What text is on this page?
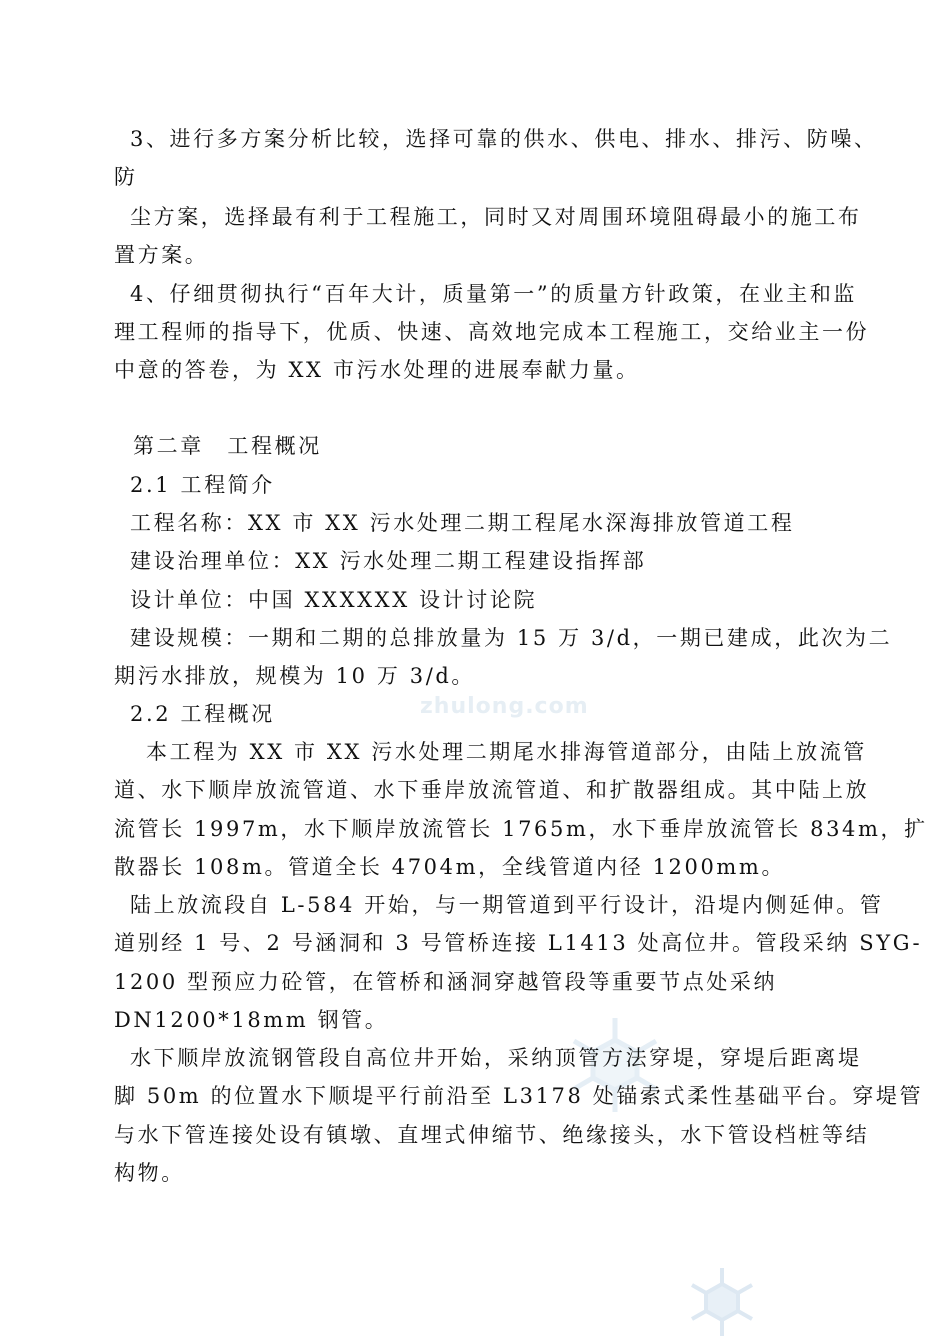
zhulong.com
3、进行多方案分析比较，选择可靠的供水、供电、排水、排污、防噪、
防
尘方案，选择最有利于工程施工，同时又对周围环境阻碍最小的施工布
置方案。
4、仔细贯彻执行“百年大计，质量第一”的质量方针政策，在业主和监
理工程师的指导下，优质、快速、高效地完成本工程施工，交给业主一份
中意的答卷，为 XX 市污水处理的进展奉献力量。
第二章　工程概况
2.1 工程简介
工程名称：XX 市 XX 污水处理二期工程尾水深海排放管道工程
建设治理单位：XX 污水处理二期工程建设指挥部
设计单位：中国 XXXXXX 设计讨论院
建设规模：一期和二期的总排放量为 15 万 3/d，一期已建成，此次为二
期污水排放，规模为 10 万 3/d。
2.2 工程概况
本工程为 XX 市 XX 污水处理二期尾水排海管道部分，由陆上放流管
道、水下顺岸放流管道、水下垂岸放流管道、和扩散器组成。其中陆上放
流管长 1997m，水下顺岸放流管长 1765m，水下垂岸放流管长 834m，扩
散器长 108m。管道全长 4704m，全线管道内径 1200mm。
陆上放流段自 L-584 开始，与一期管道到平行设计，沿堤内侧延伸。管
道别经 1 号、2 号涵洞和 3 号管桥连接 L1413 处高位井。管段采纳 SYG-
1200 型预应力砼管，在管桥和涵洞穿越管段等重要节点处采纳
DN1200*18mm 钢管。
水下顺岸放流钢管段自高位井开始，采纳顶管方法穿堤，穿堤后距离堤
脚 50m 的位置水下顺堤平行前沿至 L3178 处锚索式柔性基础平台。穿堤管
与水下管连接处设有镇墩、直埋式伸缩节、绝缘接头，水下管设档桩等结
构物。
